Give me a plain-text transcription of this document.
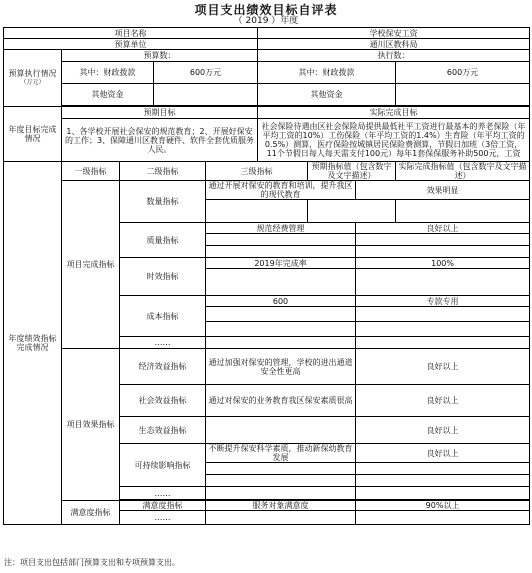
项目支出绩效目标自评表
（ 2019 ）年度
项目名称					学校保安工资			
预算单位					通川区教科局			
预算执行情况
（万元）	预算数：				执行数：			
	其中：财政拨款		600万元		其中：财政拨款			600万元
	其他资金				其他资金			

年度目标完成情况	预期目标				实际完成目标			
	1、各学校开展社会保安的规范教育；2、开展好保安的工作；3、保障通川区教育硬件、软件全套优质服务人民。				社会保险待遇由区社会保险局提供最低社平工资进行最基本的养老保险（年平均工资的10%）工伤保险（年平均工资的1.4%）生育险（年平均工资的0.5%）测算，医疗保险按城镇居民保险费测算，节假日加班（3倍工资，11个节假日每人每天需支付100元）每年1套保保服务补助500元，工资			
年度绩效指标完成情况	一级指标	二级指标		三级指标		预期指标值（包含数字及文字描述）		实际完成指标值（包含数字及文字描述）
	项目完成指标	数量指标		通过开展对保安的教育和培训，提升我区的现代教育			效果明显	

		质量指标		规范经费管理			良好以上	

		时效指标		2019年完成率			100%	

		成本指标		600			专款专用	

		……						
	项目效果指标	经济效益指标		通过加强对保安的管理，学校的进出通道安全性更高			良好以上	
		社会效益指标		通过对保安的业务教育我区保安素质很高			良好以上	
		生态效益指标					良好以上	
		可持续影响指标		不断提升保安科学素质，推动新保幼教育发展			良好以上	

		……						

	满意度指标	满意度指标		服务对象满意度			90%以上	
		……						
注：项目支出包括部门预算支出和专项预算支出。
